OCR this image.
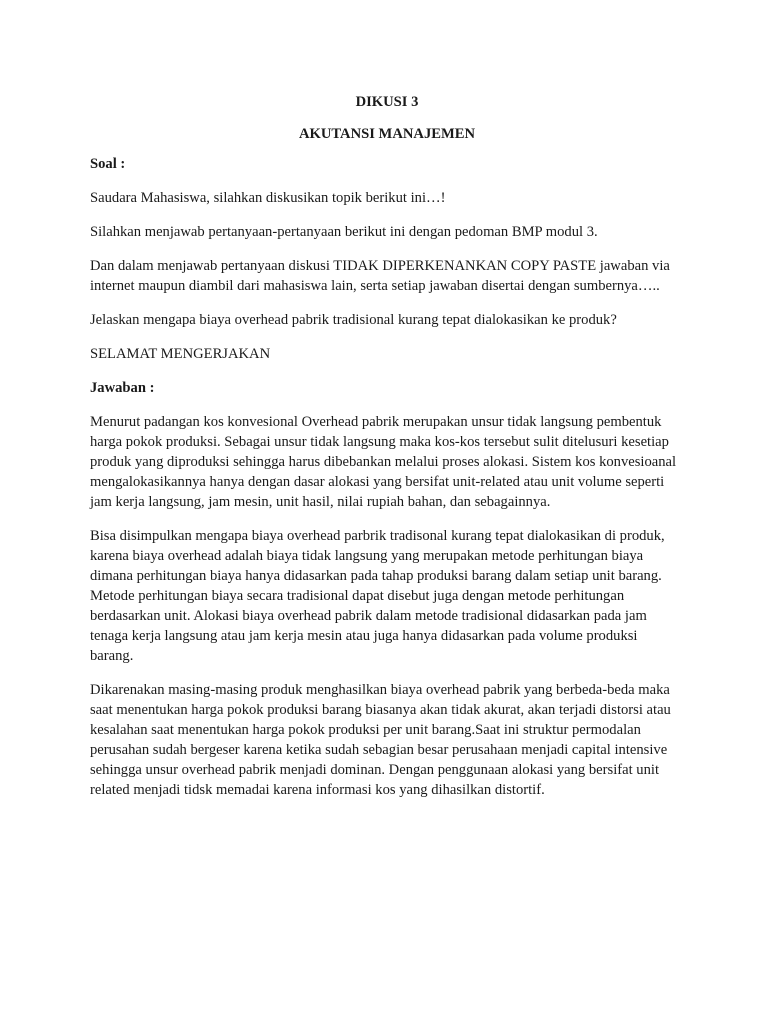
DIKUSI 3
AKUTANSI MANAJEMEN
Soal :

Saudara Mahasiswa, silahkan diskusikan topik berikut ini…!

Silahkan menjawab pertanyaan-pertanyaan berikut ini dengan pedoman BMP modul 3.

Dan dalam menjawab pertanyaan diskusi TIDAK DIPERKENANKAN COPY PASTE jawaban via internet maupun diambil dari mahasiswa lain, serta setiap jawaban disertai dengan sumbernya…..

Jelaskan mengapa biaya overhead pabrik tradisional kurang tepat dialokasikan ke produk?

SELAMAT MENGERJAKAN

Jawaban :

Menurut padangan kos konvesional Overhead pabrik merupakan unsur tidak langsung pembentuk harga pokok produksi. Sebagai unsur tidak langsung maka kos-kos tersebut sulit ditelusuri kesetiap produk yang diproduksi sehingga harus dibebankan melalui proses alokasi. Sistem kos konvesioanal mengalokasikannya hanya dengan dasar alokasi yang bersifat unit-related atau unit volume seperti jam kerja langsung, jam mesin, unit hasil, nilai rupiah bahan, dan sebagainnya.

Bisa disimpulkan mengapa biaya overhead parbrik tradisonal kurang tepat dialokasikan di produk, karena biaya overhead adalah biaya tidak langsung yang merupakan metode perhitungan biaya dimana perhitungan biaya hanya didasarkan pada tahap produksi barang dalam setiap unit barang. Metode perhitungan biaya secara tradisional dapat disebut juga dengan metode perhitungan berdasarkan unit. Alokasi biaya overhead pabrik dalam metode tradisional didasarkan pada jam tenaga kerja langsung atau jam kerja mesin atau juga hanya didasarkan pada volume produksi barang.

Dikarenakan masing-masing produk menghasilkan biaya overhead pabrik yang berbeda-beda maka saat menentukan harga pokok produksi barang biasanya akan tidak akurat, akan terjadi distorsi atau kesalahan saat menentukan harga pokok produksi per unit barang.Saat ini struktur permodalan perusahan sudah bergeser karena ketika sudah sebagian besar perusahaan menjadi capital intensive sehingga unsur overhead pabrik menjadi dominan. Dengan penggunaan alokasi yang bersifat unit related menjadi tidsk memadai karena informasi kos yang dihasilkan distortif.
